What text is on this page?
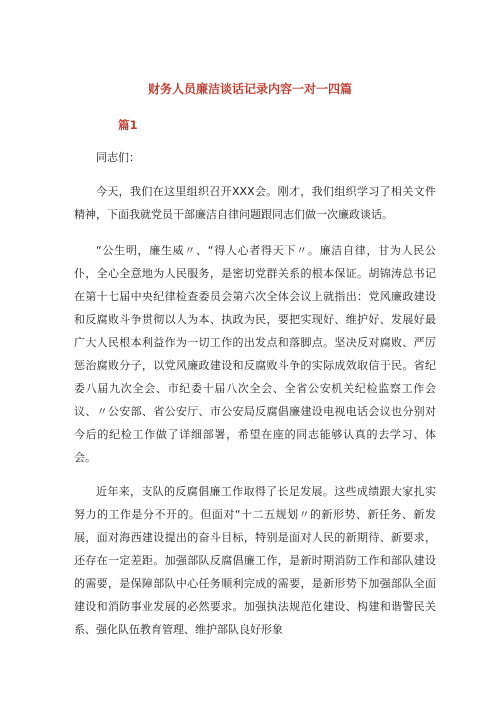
财务人员廉洁谈话记录内容一对一四篇
篇1

同志们：

今天，我们在这里组织召开XXX会。刚才，我们组织学习了相关文件精神，下面我就党员干部廉洁自律问题跟同志们做一次廉政谈话。

“公生明，廉生威〃、“得人心者得天下〃。廉洁自律，甘为人民公仆，全心全意地为人民服务，是密切党群关系的根本保证。胡锦涛总书记在第十七届中央纪律检查委员会第六次全体会议上就指出：党风廉政建设和反腐败斗争贯彻以人为本、执政为民，要把实现好、维护好、发展好最广大人民根本利益作为一切工作的出发点和落脚点。坚决反对腐败、严厉惩治腐败分子，以党风廉政建设和反腐败斗争的实际成效取信于民。省纪委八届九次全会、市纪委十届八次全会、全省公安机关纪检监察工作会议、〃公安部、省公安厅、市公安局反腐倡廉建设电视电话会议也分别对今后的纪检工作做了详细部署，希望在座的同志能够认真的去学习、体会。

近年来，支队的反腐倡廉工作取得了长足发展。这些成绩跟大家扎实努力的工作是分不开的。但面对“十二五规划〃的新形势、新任务、新发展，面对海西建设提出的奋斗目标，特别是面对人民的新期待、新要求，还存在一定差距。加强部队反腐倡廉工作，是新时期消防工作和部队建设的需要，是保障部队中心任务顺利完成的需要，是新形势下加强部队全面建设和消防事业发展的必然要求。加强执法规范化建设、构建和谐警民关系、强化队伍教育管理、维护部队良好形象
